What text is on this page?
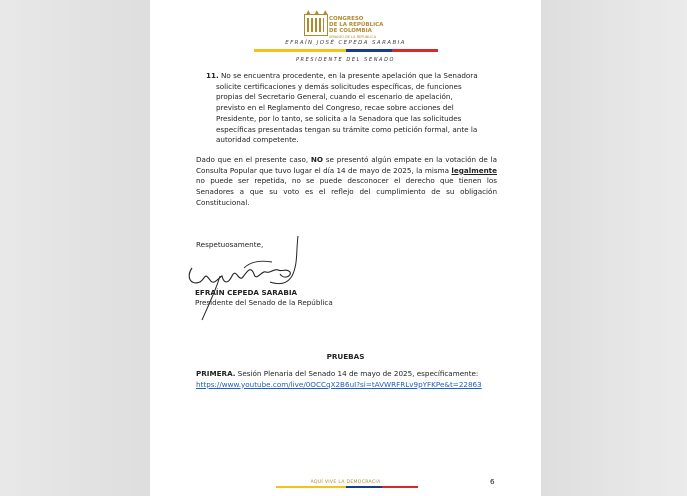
▲ ▲ ▲
CONGRESO
DE LA REPÚBLICA
DE COLOMBIA
SENADO DE LA REPÚBLICA
EFRAÍN JOSÉ CEPEDA SARABIA
PRESIDENTE DEL SENADO
11. No se encuentra procedente, en la presente apelación que la Senadora
solicite certificaciones y demás solicitudes específicas, de funciones
propias del Secretario General, cuando el escenario de apelación,
previsto en el Reglamento del Congreso, recae sobre acciones del
Presidente, por lo tanto, se solicita a la Senadora que las solicitudes
específicas presentadas tengan su trámite como petición formal, ante la
autoridad competente.
Dado que en el presente caso, NO se presentó algún empate en la votación de la Consulta Popular que tuvo lugar el día 14 de mayo de 2025, la misma legalmente no puede ser repetida, no se puede desconocer el derecho que tienen los Senadores a que su voto es el reflejo del cumplimiento de su obligación Constitucional.
Respetuosamente,
EFRAÍN CEPEDA SARABIA
Presidente del Senado de la República
PRUEBAS
PRIMERA. Sesión Plenaria del Senado 14 de mayo de 2025, específicamente:
https://www.youtube.com/live/0OCCqX2B6uI?si=tAVWRFRLv9pYFKPe&t=22863
AQUÍ VIVE LA DEMOCRACIA	6
